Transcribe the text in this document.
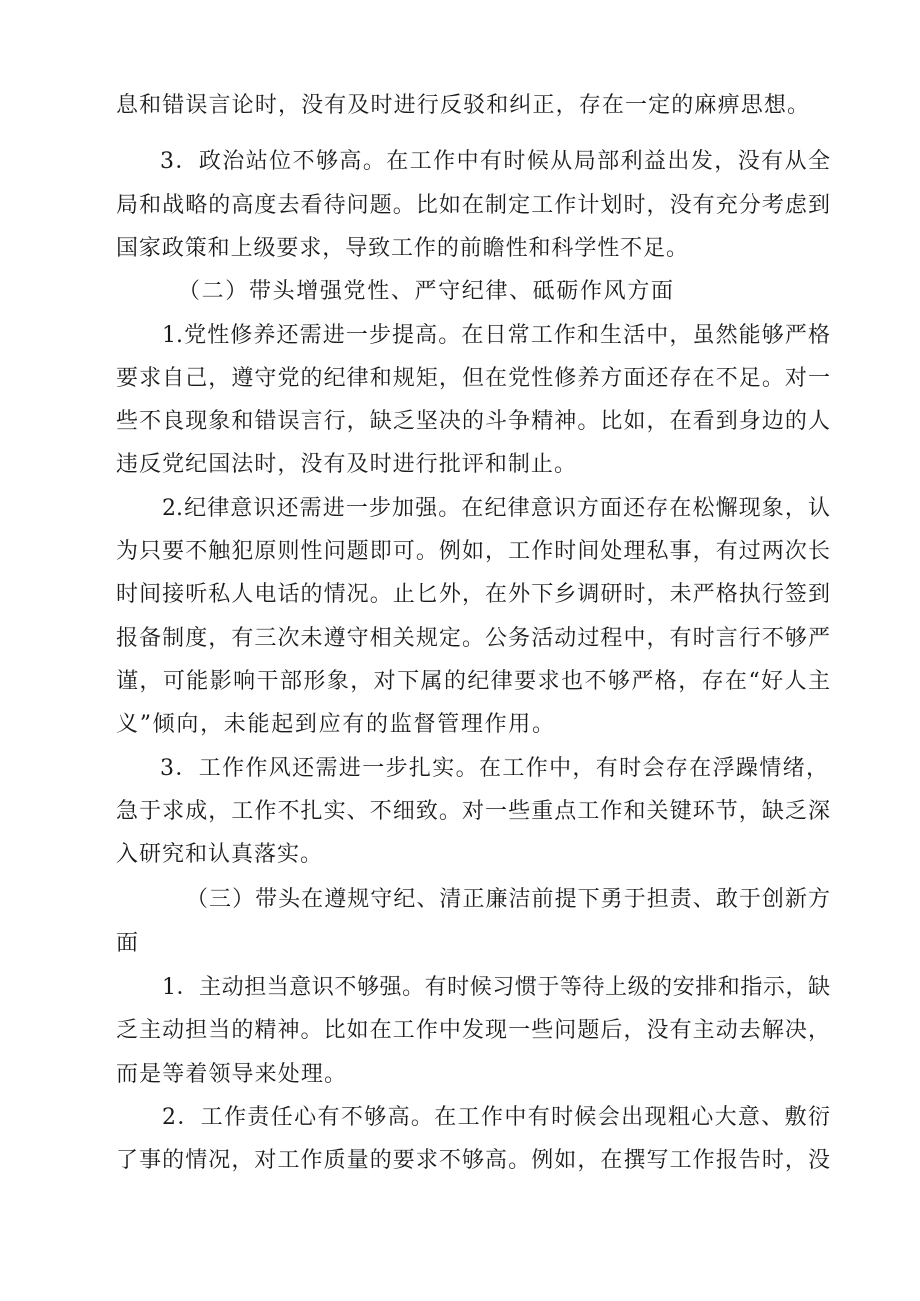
息和错误言论时，没有及时进行反驳和纠正，存在一定的麻痹思想。
3．政治站位不够高。在工作中有时候从局部利益出发，没有从全
局和战略的高度去看待问题。比如在制定工作计划时，没有充分考虑到
国家政策和上级要求，导致工作的前瞻性和科学性不足。
（二）带头增强党性、严守纪律、砥砺作风方面
1.党性修养还需进一步提高。在日常工作和生活中，虽然能够严格
要求自己，遵守党的纪律和规矩，但在党性修养方面还存在不足。对一
些不良现象和错误言行，缺乏坚决的斗争精神。比如，在看到身边的人
违反党纪国法时，没有及时进行批评和制止。
2.纪律意识还需进一步加强。在纪律意识方面还存在松懈现象，认
为只要不触犯原则性问题即可。例如，工作时间处理私事，有过两次长
时间接听私人电话的情况。止匕外，在外下乡调研时，未严格执行签到
报备制度，有三次未遵守相关规定。公务活动过程中，有时言行不够严
谨，可能影响干部形象，对下属的纪律要求也不够严格，存在“好人主
义”倾向，未能起到应有的监督管理作用。
3．工作作风还需进一步扎实。在工作中，有时会存在浮躁情绪，
急于求成，工作不扎实、不细致。对一些重点工作和关键环节，缺乏深
入研究和认真落实。
（三）带头在遵规守纪、清正廉洁前提下勇于担责、敢于创新方
面
1．主动担当意识不够强。有时候习惯于等待上级的安排和指示，缺
乏主动担当的精神。比如在工作中发现一些问题后，没有主动去解决，
而是等着领导来处理。
2．工作责任心有不够高。在工作中有时候会出现粗心大意、敷衍
了事的情况，对工作质量的要求不够高。例如，在撰写工作报告时，没
